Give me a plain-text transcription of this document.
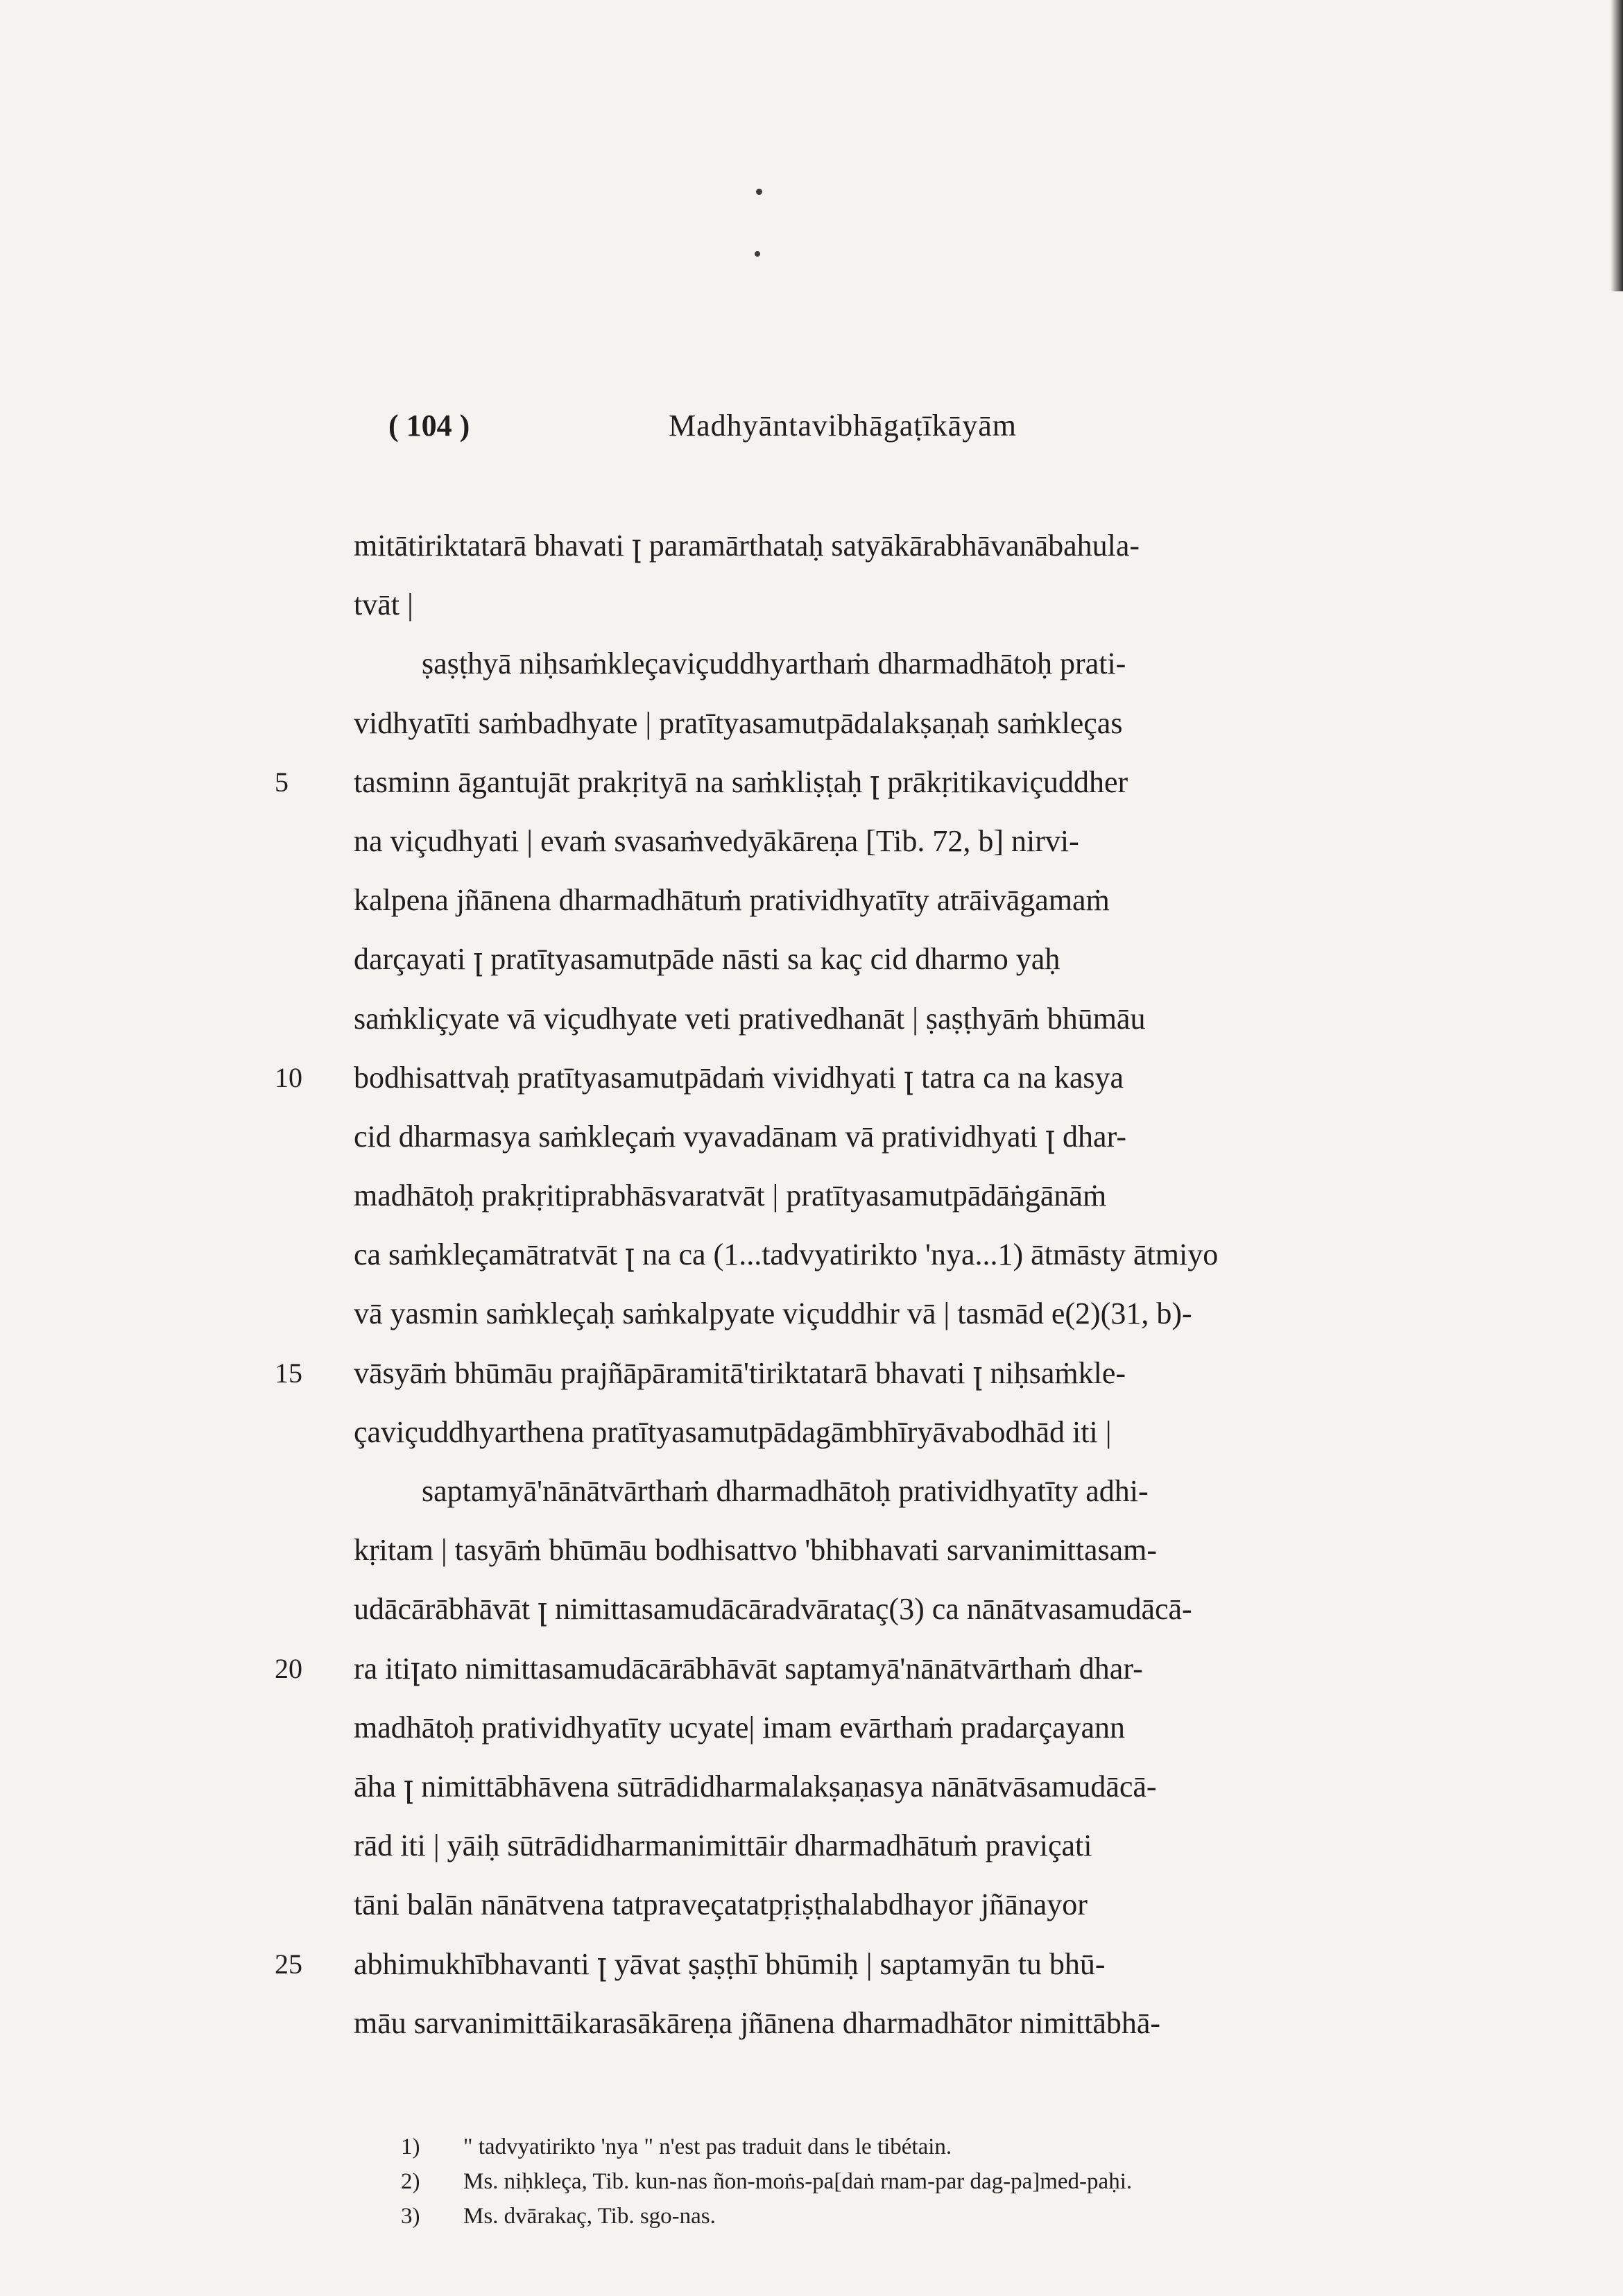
( 104 )	Madhyāntavibhāgaṭīkāyām
5
10
15
20
25
mitātiriktatarā bhavati ꞁ paramārthataḥ satyākārabhāvanābahula-
tvāt |
ṣaṣṭhyā niḥsaṁkleçaviçuddhyarthaṁ dharmadhātoḥ prati-
vidhyatīti saṁbadhyate | pratītyasamutpādalakṣaṇaḥ saṁkleças
tasminn āgantujāt prakṛityā na saṁkliṣṭaḥ ꞁ prākṛitikaviçuddher
na viçudhyati | evaṁ svasaṁvedyākāreṇa [Tib. 72, b] nirvi-
kalpena jñānena dharmadhātuṁ pratividhyatīty atrāivāgamaṁ
darçayati ꞁ pratītyasamutpāde nāsti sa kaç cid dharmo yaḥ
saṁkliçyate vā viçudhyate veti prativedhanāt | ṣaṣṭhyāṁ bhūmāu
bodhisattvaḥ pratītyasamutpādaṁ vividhyati ꞁ tatra ca na kasya
cid dharmasya saṁkleçaṁ vyavadānam vā pratividhyati ꞁ dhar-
madhātoḥ prakṛitiprabhāsvaratvāt | pratītyasamutpādāṅgānāṁ
ca saṁkleçamātratvāt ꞁ na ca (1...tadvyatirikto 'nya...1) ātmāsty ātmiyo
vā yasmin saṁkleçaḥ saṁkalpyate viçuddhir vā | tasmād e(2)(31, b)-
vāsyāṁ bhūmāu prajñāpāramitā'tiriktatarā bhavati ꞁ niḥsaṁkle-
çaviçuddhyarthena pratītyasamutpādagāmbhīryāvabodhād iti |
saptamyā'nānātvārthaṁ dharmadhātoḥ pratividhyatīty adhi-
kṛitam | tasyāṁ bhūmāu bodhisattvo 'bhibhavati sarvanimittasam-
udācārābhāvāt ꞁ nimittasamudācāradvārataç(3) ca nānātvasamudācā-
ra itiꞁato nimittasamudācārābhāvāt saptamyā'nānātvārthaṁ dhar-
madhātoḥ pratividhyatīty ucyate| imam evārthaṁ pradarçayann
āha ꞁ nimittābhāvena sūtrādidharmalakṣaṇasya nānātvāsamudācā-
rād iti | yāiḥ sūtrādidharmanimittāir dharmadhātuṁ praviçati
tāni balān nānātvena tatpraveçatatpṛiṣṭhalabdhayor jñānayor
abhimukhībhavanti ꞁ yāvat ṣaṣṭhī bhūmiḥ | saptamyān tu bhū-
māu sarvanimittāikarasākāreṇa jñānena dharmadhātor nimittābhā-
1) " tadvyatirikto 'nya " n'est pas traduit dans le tibétain.
2) Ms. niḥkleça, Tib. kun-nas ñon-moṅs-pa[daṅ rnam-par dag-pa]med-paḥi.
3) Ms. dvārakaç, Tib. sgo-nas.
